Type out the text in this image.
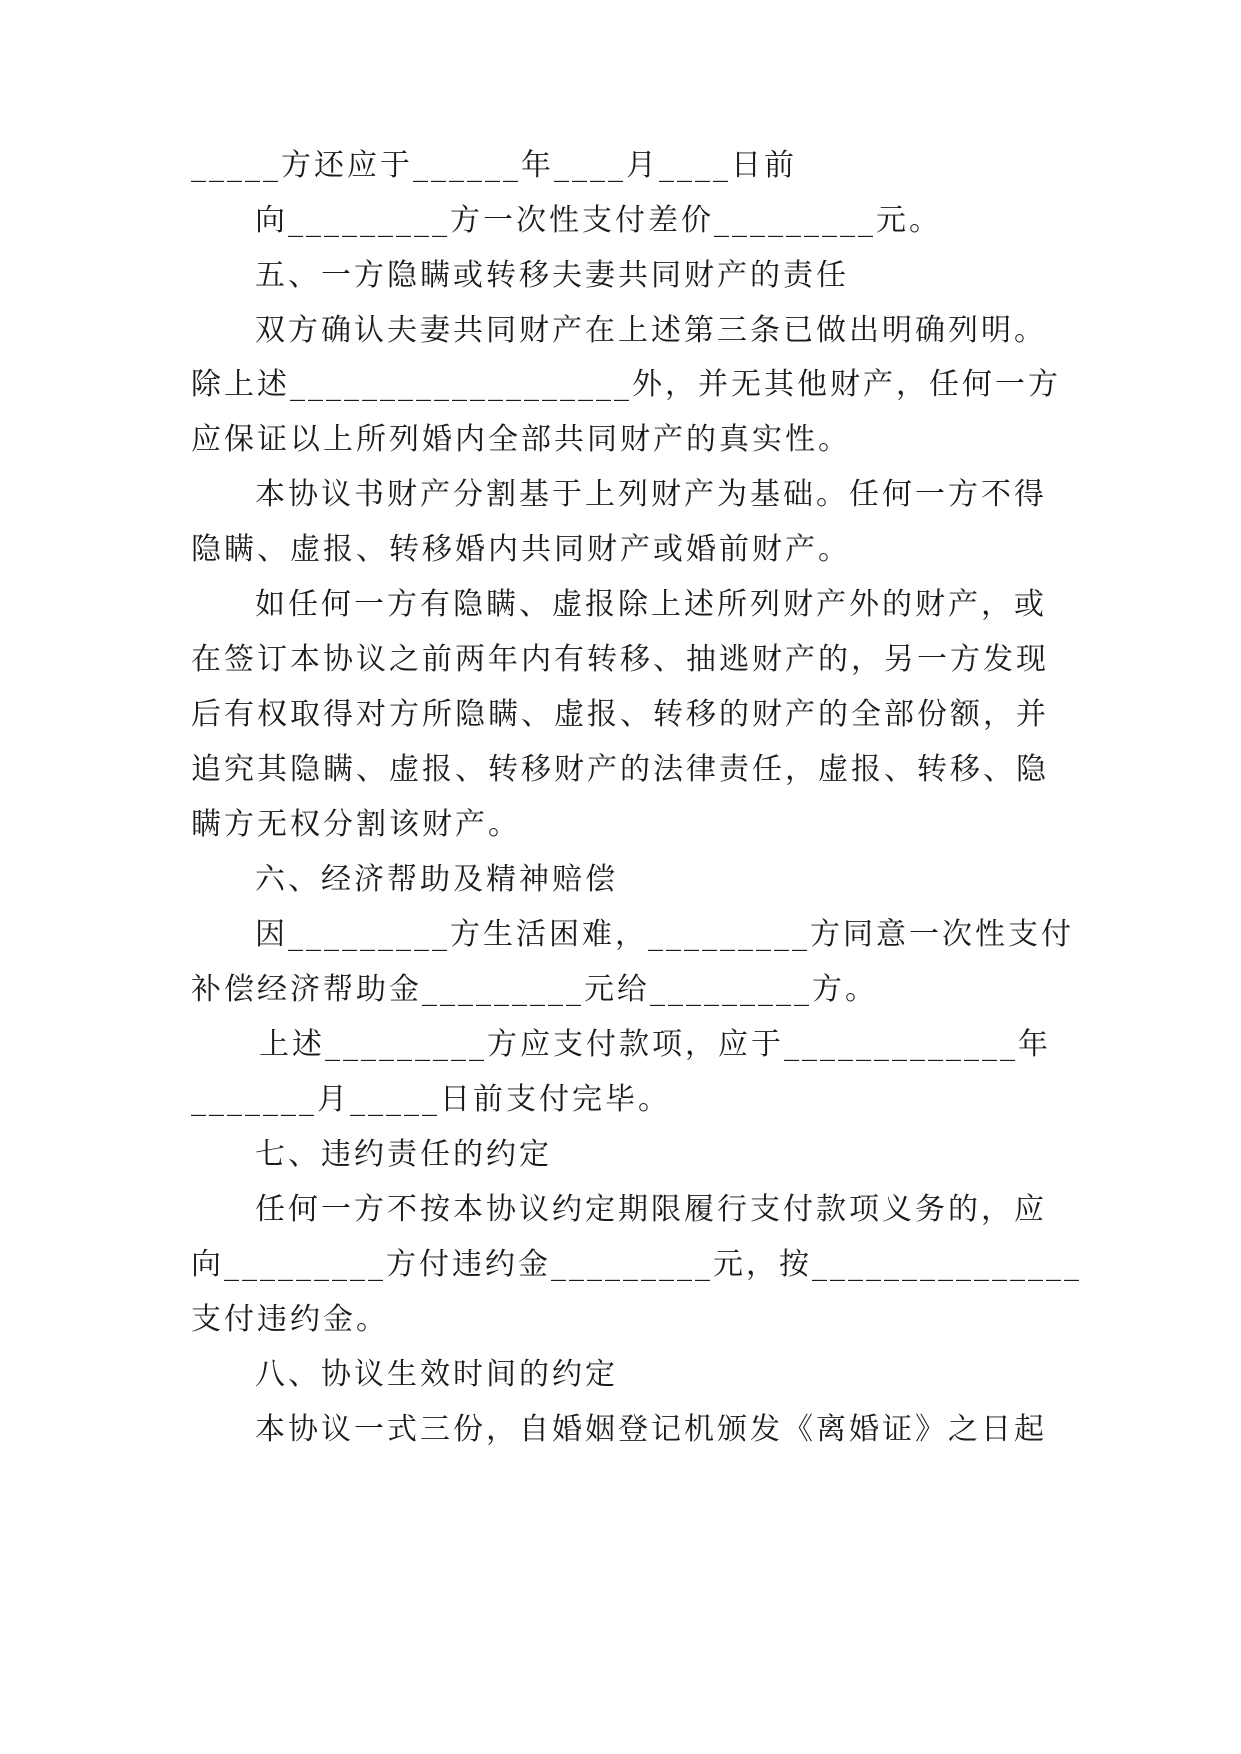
_____方还应于______年____月____日前
向_________方一次性支付差价_________元。
五、一方隐瞒或转移夫妻共同财产的责任
双方确认夫妻共同财产在上述第三条已做出明确列明。
除上述___________________外，并无其他财产，任何一方
应保证以上所列婚内全部共同财产的真实性。
本协议书财产分割基于上列财产为基础。任何一方不得
隐瞒、虚报、转移婚内共同财产或婚前财产。
如任何一方有隐瞒、虚报除上述所列财产外的财产，或
在签订本协议之前两年内有转移、抽逃财产的，另一方发现
后有权取得对方所隐瞒、虚报、转移的财产的全部份额，并
追究其隐瞒、虚报、转移财产的法律责任，虚报、转移、隐
瞒方无权分割该财产。
六、经济帮助及精神赔偿
因_________方生活困难，_________方同意一次性支付
补偿经济帮助金_________元给_________方。
上述_________方应支付款项，应于_____________年
_______月_____日前支付完毕。
七、违约责任的约定
任何一方不按本协议约定期限履行支付款项义务的，应
向_________方付违约金_________元，按_______________
支付违约金。
八、协议生效时间的约定
本协议一式三份，自婚姻登记机颁发《离婚证》之日起
